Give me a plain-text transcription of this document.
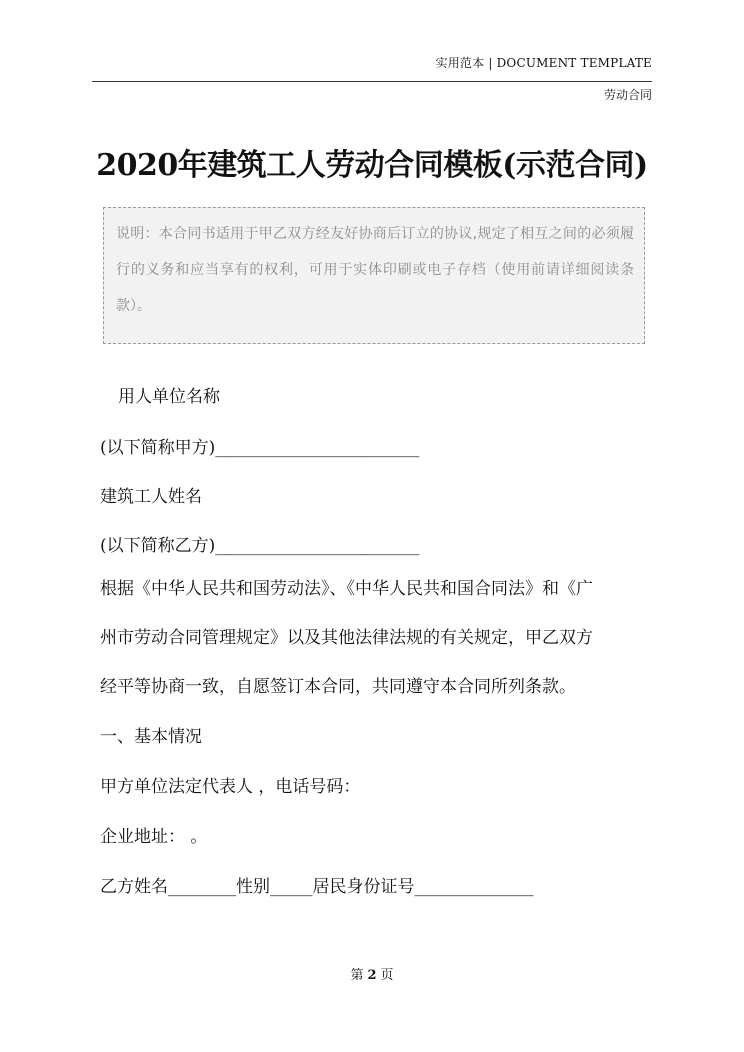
实用范本 | DOCUMENT TEMPLATE
劳动合同
2020年建筑工人劳动合同模板(示范合同)
说明：本合同书适用于甲乙双方经友好协商后订立的协议,规定了相互之间的必须履行的义务和应当享有的权利，可用于实体印刷或电子存档（使用前请详细阅读条款）。
用人单位名称
(以下简称甲方)________________________
建筑工人姓名
(以下简称乙方)________________________
根据《中华人民共和国劳动法》、《中华人民共和国合同法》和《广
州市劳动合同管理规定》以及其他法律法规的有关规定，甲乙双方
经平等协商一致，自愿签订本合同，共同遵守本合同所列条款。
一、基本情况
甲方单位法定代表人 ，电话号码：
企业地址： 。
乙方姓名________性别_____居民身份证号______________
第 2 页
